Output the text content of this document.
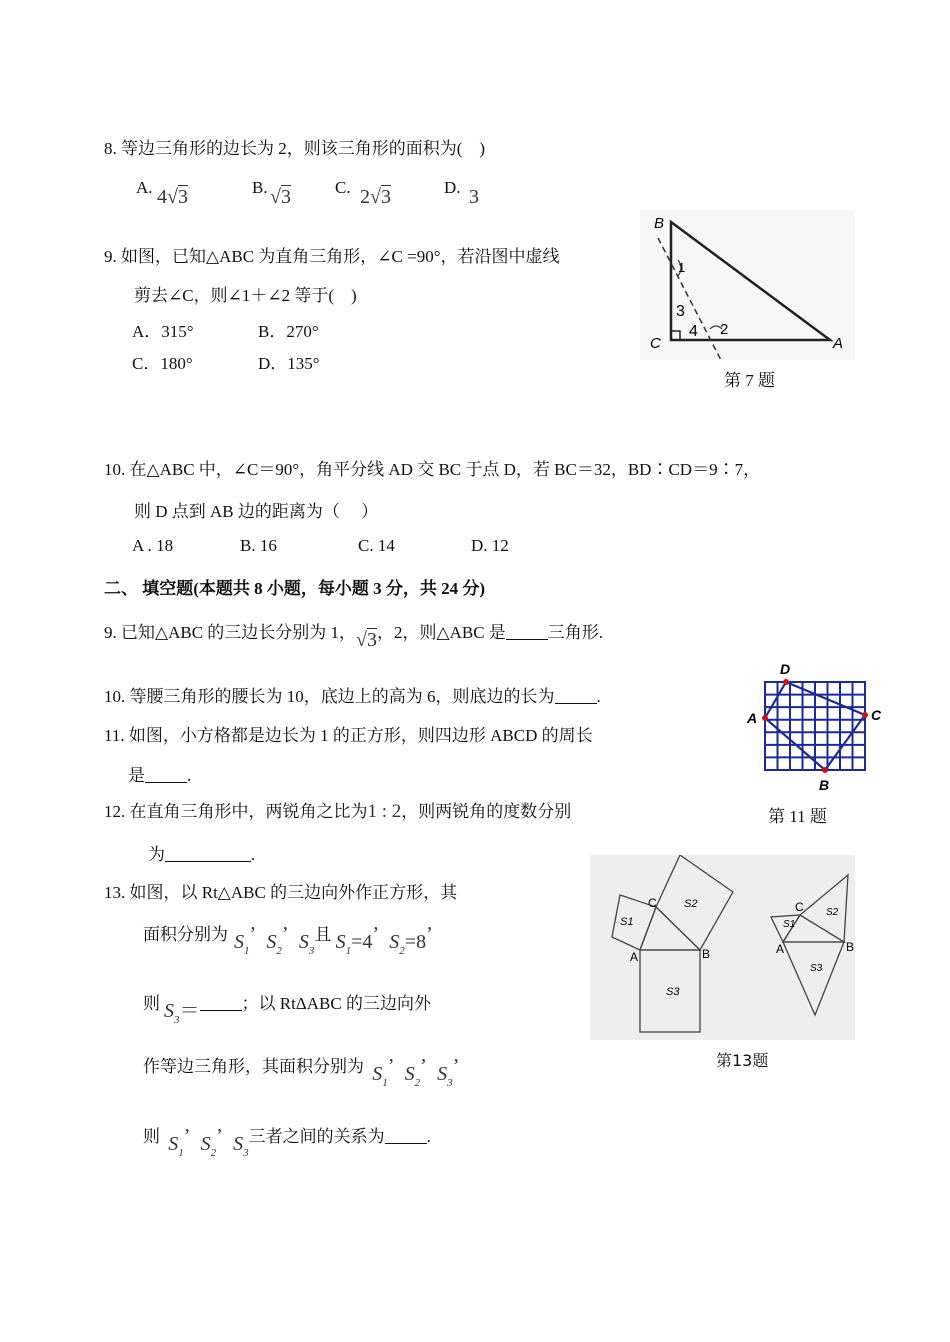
8. 等边三角形的边长为 2，则该三角形的面积为(　)
A. 4√3	B. √3	C. 2√3	D. 3
9. 如图，已知△ABC 为直角三角形，∠C =90°，若沿图中虚线
剪去∠C，则∠1＋∠2 等于(　)
A．315°	B．270°
C．180°	D．135°
B
C	A
1
3
4 2
第 7 题
10. 在△ABC 中，∠C＝90°，角平分线 AD 交 BC 于点 D，若 BC＝32，BD∶CD＝9∶7，
则 D 点到 AB 边的距离为（　 ）
A . 18	B. 16	C. 14	D. 12
二、 填空题(本题共 8 小题，每小题 3 分，共 24 分)
9. 已知△ABC 的三边长分别为 1，√3，2，则△ABC 是 三角形.
10. 等腰三角形的腰长为 10，底边上的高为 6，则底边的长为 .
11. 如图，小方格都是边长为 1 的正方形，则四边形 ABCD 的周长
是 .
D
A	C
B
第 11 题
12. 在直角三角形中，两锐角之比为1 : 2，则两锐角的度数分别
为	.
13. 如图，以 Rt△ABC 的三边向外作正方形，其
面积分别为 $S_1$’ $S_2$’ $S_3$且 $S_1=4$’ $S_2=8$’
则 $S_3=$ ；以 RtΔABC 的三边向外
作等边三角形，其面积分别为 $S_1$’ $S_2$’ $S_3$’
则 $S_1$’ $S_2$’ $S_3$三者之间的关系为 .
C
B
A
S1
S2
S3
C
B
A
S1
S2
S3
第13题
